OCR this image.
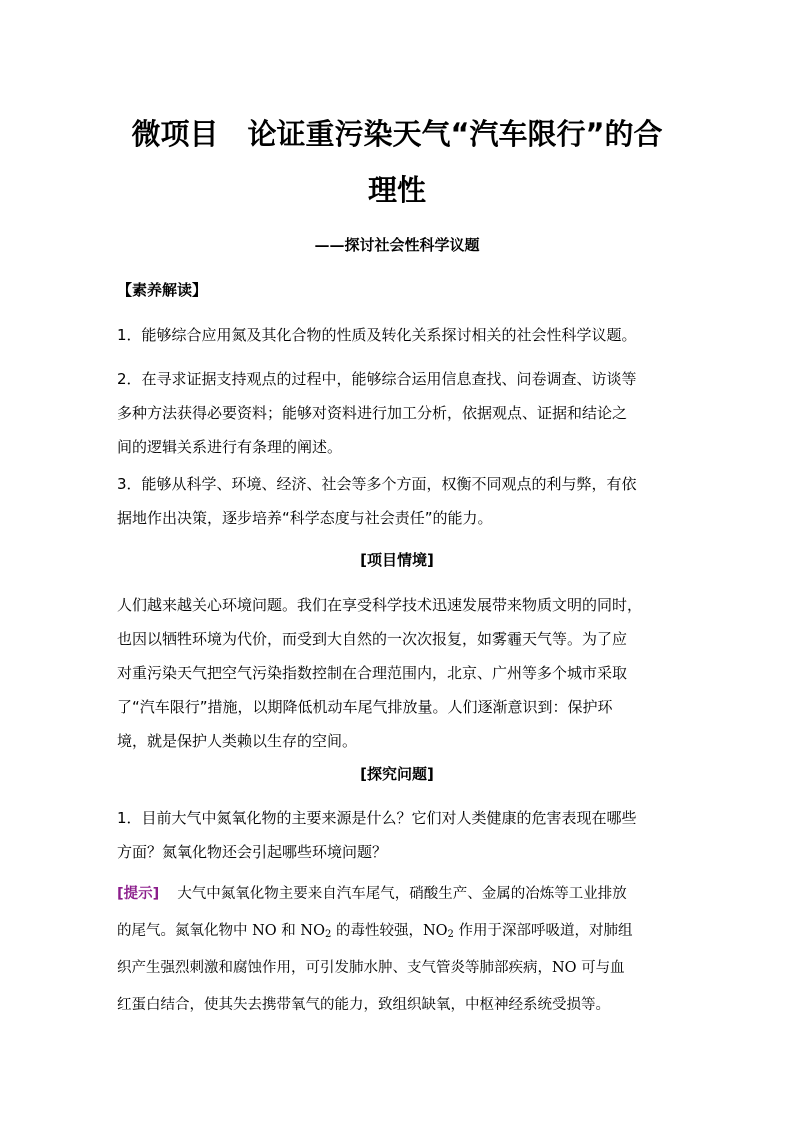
微项目　论证重污染天气“汽车限行”的合
理性

——探讨社会性科学议题

【素养解读】

1．能够综合应用氮及其化合物的性质及转化关系探讨相关的社会性科学议题。

2．在寻求证据支持观点的过程中，能够综合运用信息查找、问卷调查、访谈等
多种方法获得必要资料；能够对资料进行加工分析，依据观点、证据和结论之
间的逻辑关系进行有条理的阐述。

3．能够从科学、环境、经济、社会等多个方面，权衡不同观点的利与弊，有依
据地作出决策，逐步培养“科学态度与社会责任”的能力。

[项目情境]

人们越来越关心环境问题。我们在享受科学技术迅速发展带来物质文明的同时，
也因以牺牲环境为代价，而受到大自然的一次次报复，如雾霾天气等。为了应
对重污染天气把空气污染指数控制在合理范围内，北京、广州等多个城市采取
了“汽车限行”措施，以期降低机动车尾气排放量。人们逐渐意识到：保护环
境，就是保护人类赖以生存的空间。

[探究问题]

1．目前大气中氮氧化物的主要来源是什么？它们对人类健康的危害表现在哪些
方面？氮氧化物还会引起哪些环境问题？

[提示] 大气中氮氧化物主要来自汽车尾气，硝酸生产、金属的冶炼等工业排放
的尾气。氮氧化物中 NO 和 $NO_2$ 的毒性较强，$NO_2$ 作用于深部呼吸道，对肺组
织产生强烈刺激和腐蚀作用，可引发肺水肿、支气管炎等肺部疾病，NO 可与血
红蛋白结合，使其失去携带氧气的能力，致组织缺氧，中枢神经系统受损等。
